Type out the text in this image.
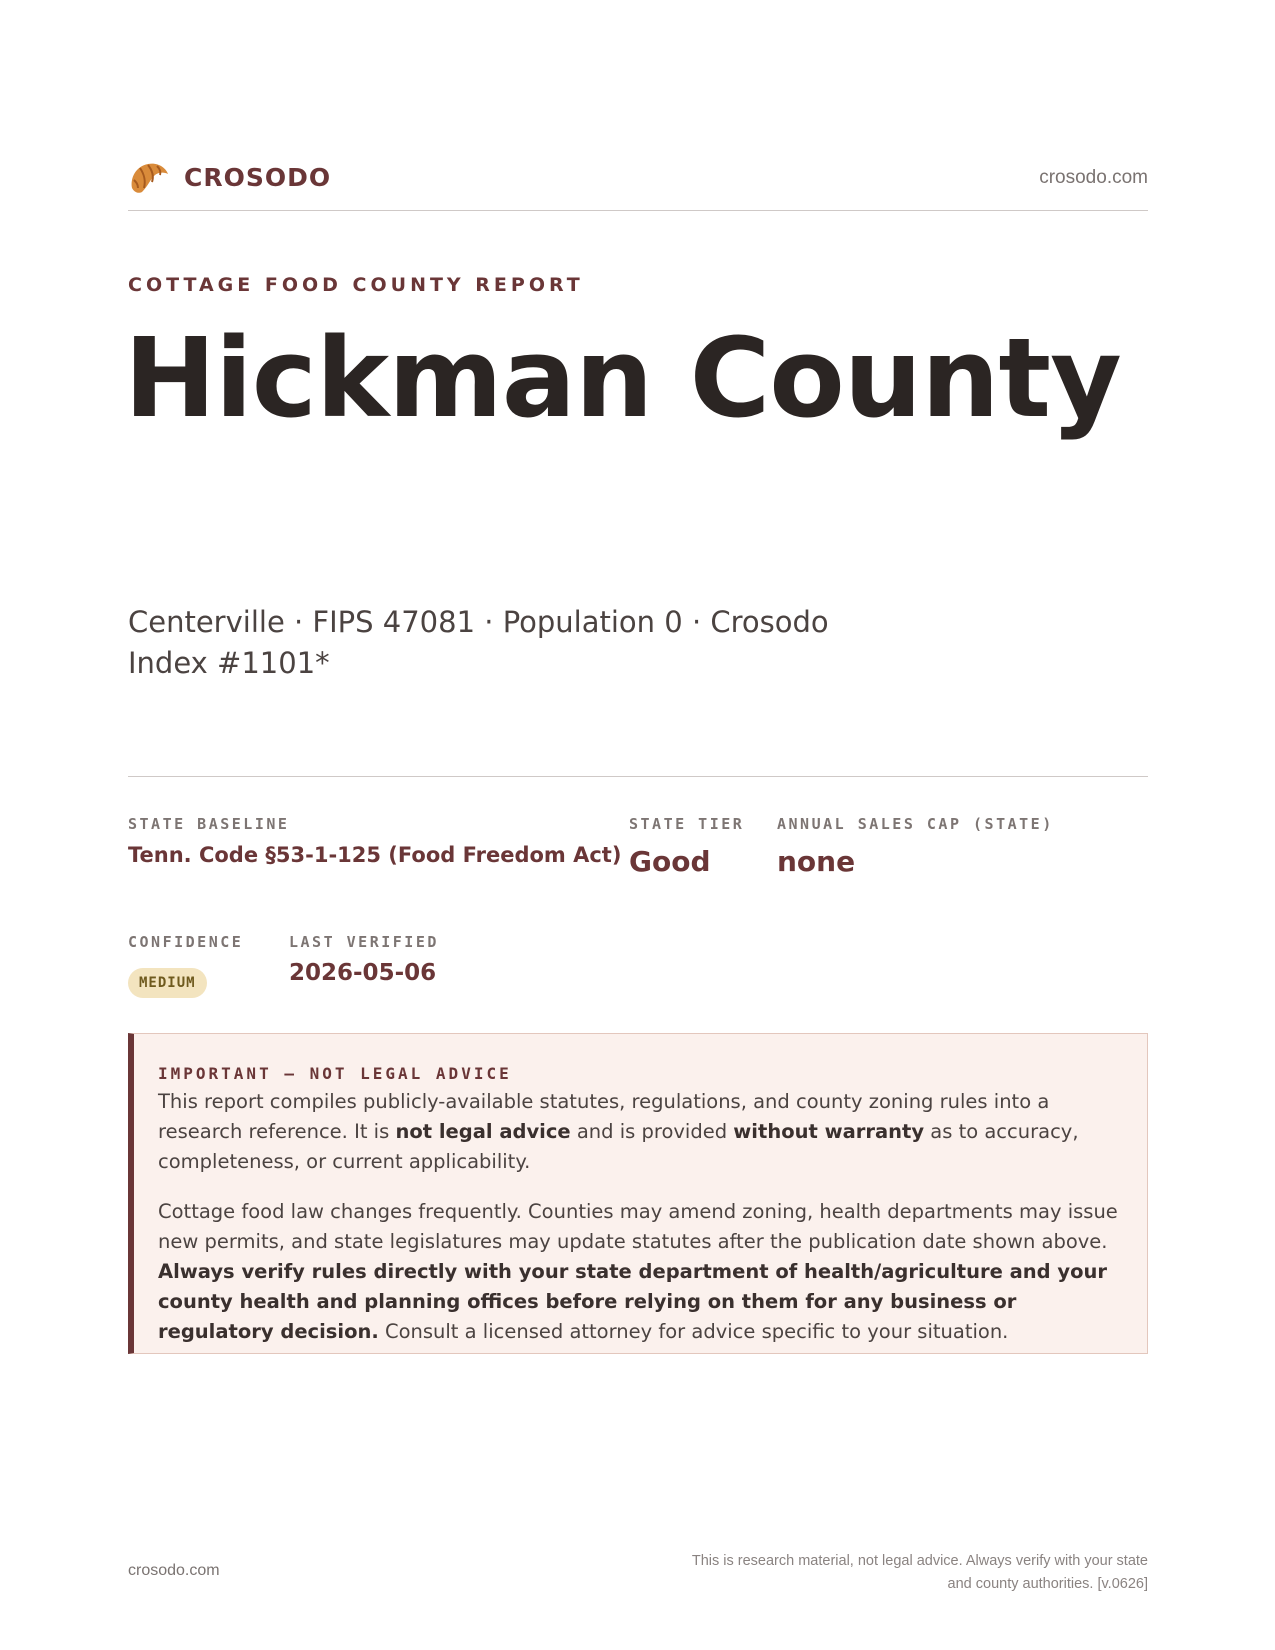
CROSODO	crosodo.com
COTTAGE FOOD COUNTY REPORT
Hickman County
Centerville · FIPS 47081 · Population 0 · Crosodo Index #1101*
STATE BASELINE
Tenn. Code §53-1-125 (Food Freedom Act)
STATE TIER
Good
ANNUAL SALES CAP (STATE)
none
CONFIDENCE
MEDIUM
LAST VERIFIED
2026-05-06
IMPORTANT — NOT LEGAL ADVICE

This report compiles publicly-available statutes, regulations, and county zoning rules into a research reference. It is not legal advice and is provided without warranty as to accuracy, completeness, or current applicability.

Cottage food law changes frequently. Counties may amend zoning, health departments may issue new permits, and state legislatures may update statutes after the publication date shown above. Always verify rules directly with your state department of health/agriculture and your county health and planning offices before relying on them for any business or regulatory decision. Consult a licensed attorney for advice specific to your situation.

crosodo.com
This is research material, not legal advice. Always verify with your state
and county authorities. [v.0626]
